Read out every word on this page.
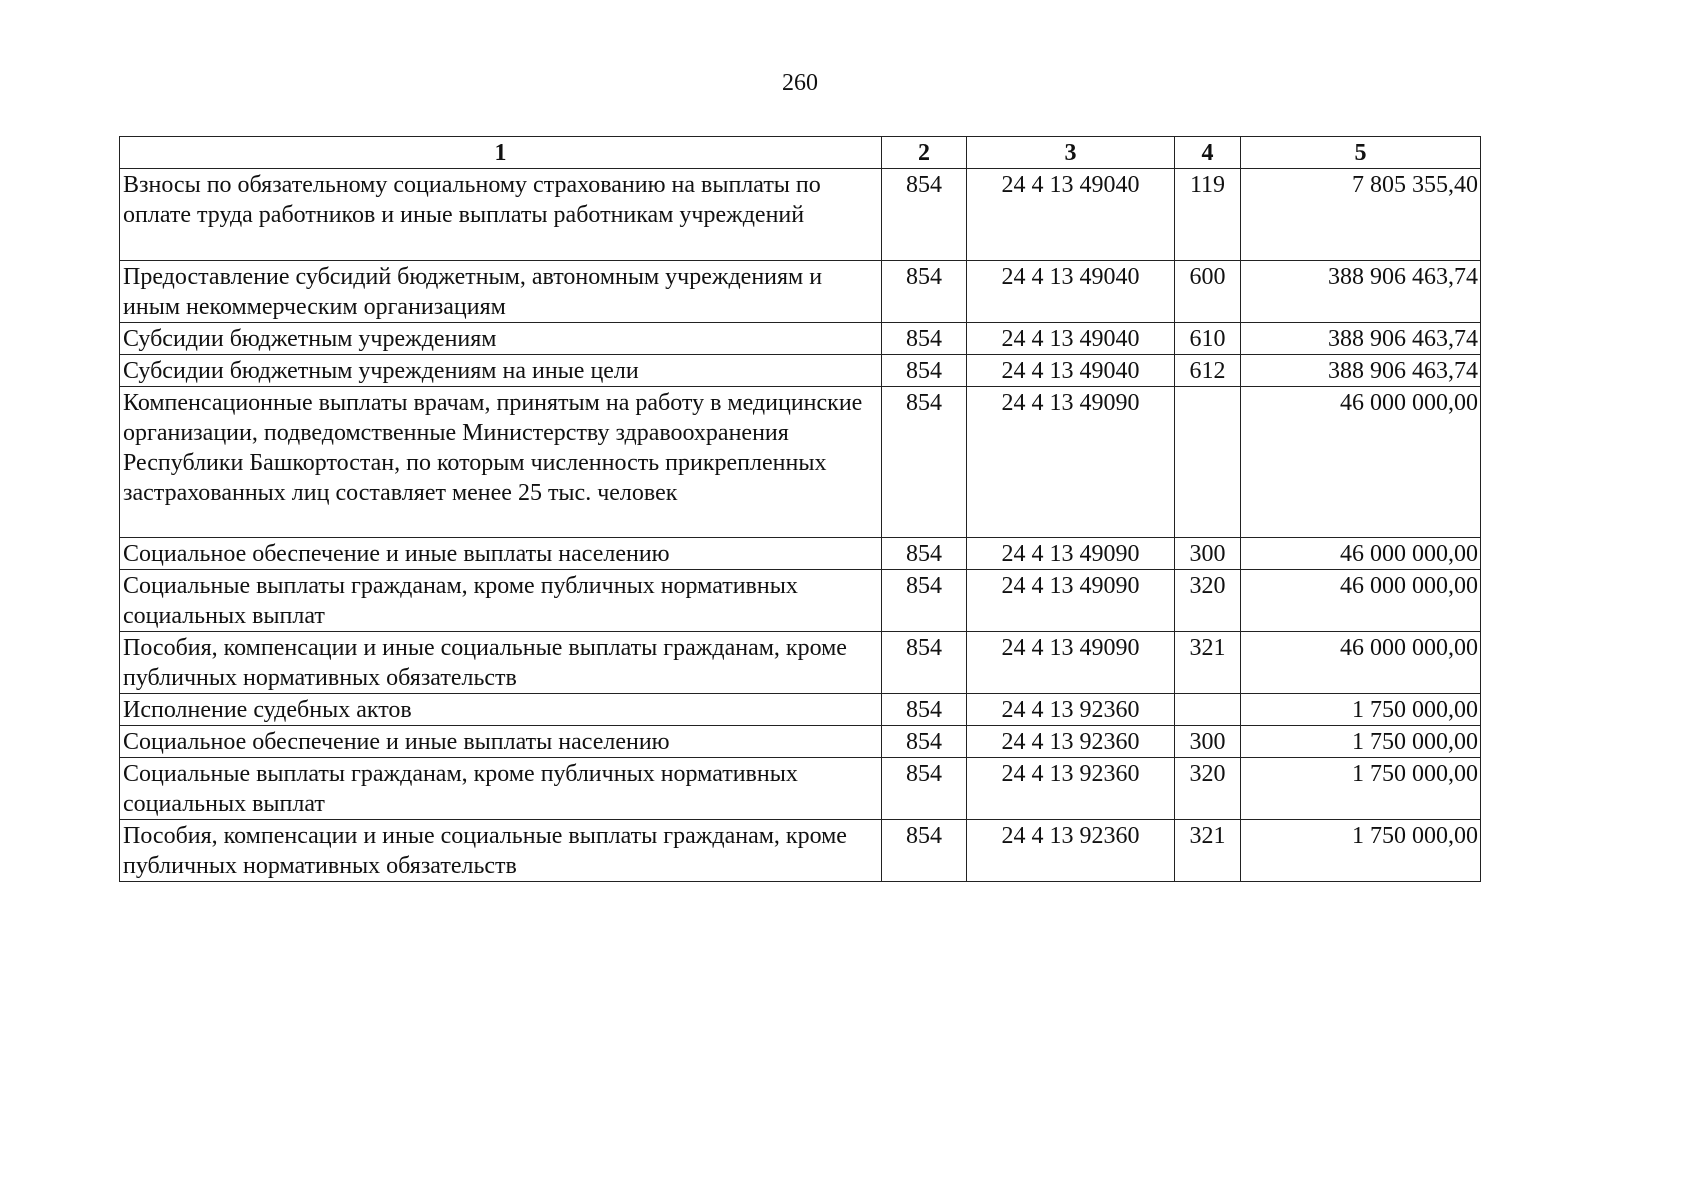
260
1	2	3	4	5
Взносы по обязательному социальному страхованию на выплаты по оплате труда работников и иные выплаты работникам учреждений	854	24 4 13 49040	119	7 805 355,40
Предоставление субсидий бюджетным, автономным учреждениям и иным некоммерческим организациям	854	24 4 13 49040	600	388 906 463,74
Субсидии бюджетным учреждениям	854	24 4 13 49040	610	388 906 463,74
Субсидии бюджетным учреждениям на иные цели	854	24 4 13 49040	612	388 906 463,74
Компенсационные выплаты врачам, принятым на работу в медицинские организации, подведомственные Министерству здравоохранения Республики Башкортостан, по которым численность прикрепленных застрахованных лиц составляет менее 25 тыс. человек	854	24 4 13 49090		46 000 000,00
Социальное обеспечение и иные выплаты населению	854	24 4 13 49090	300	46 000 000,00
Социальные выплаты гражданам, кроме публичных нормативных социальных выплат	854	24 4 13 49090	320	46 000 000,00
Пособия, компенсации и иные социальные выплаты гражданам, кроме публичных нормативных обязательств	854	24 4 13 49090	321	46 000 000,00
Исполнение судебных актов	854	24 4 13 92360		1 750 000,00
Социальное обеспечение и иные выплаты населению	854	24 4 13 92360	300	1 750 000,00
Социальные выплаты гражданам, кроме публичных нормативных социальных выплат	854	24 4 13 92360	320	1 750 000,00
Пособия, компенсации и иные социальные выплаты гражданам, кроме публичных нормативных обязательств	854	24 4 13 92360	321	1 750 000,00
